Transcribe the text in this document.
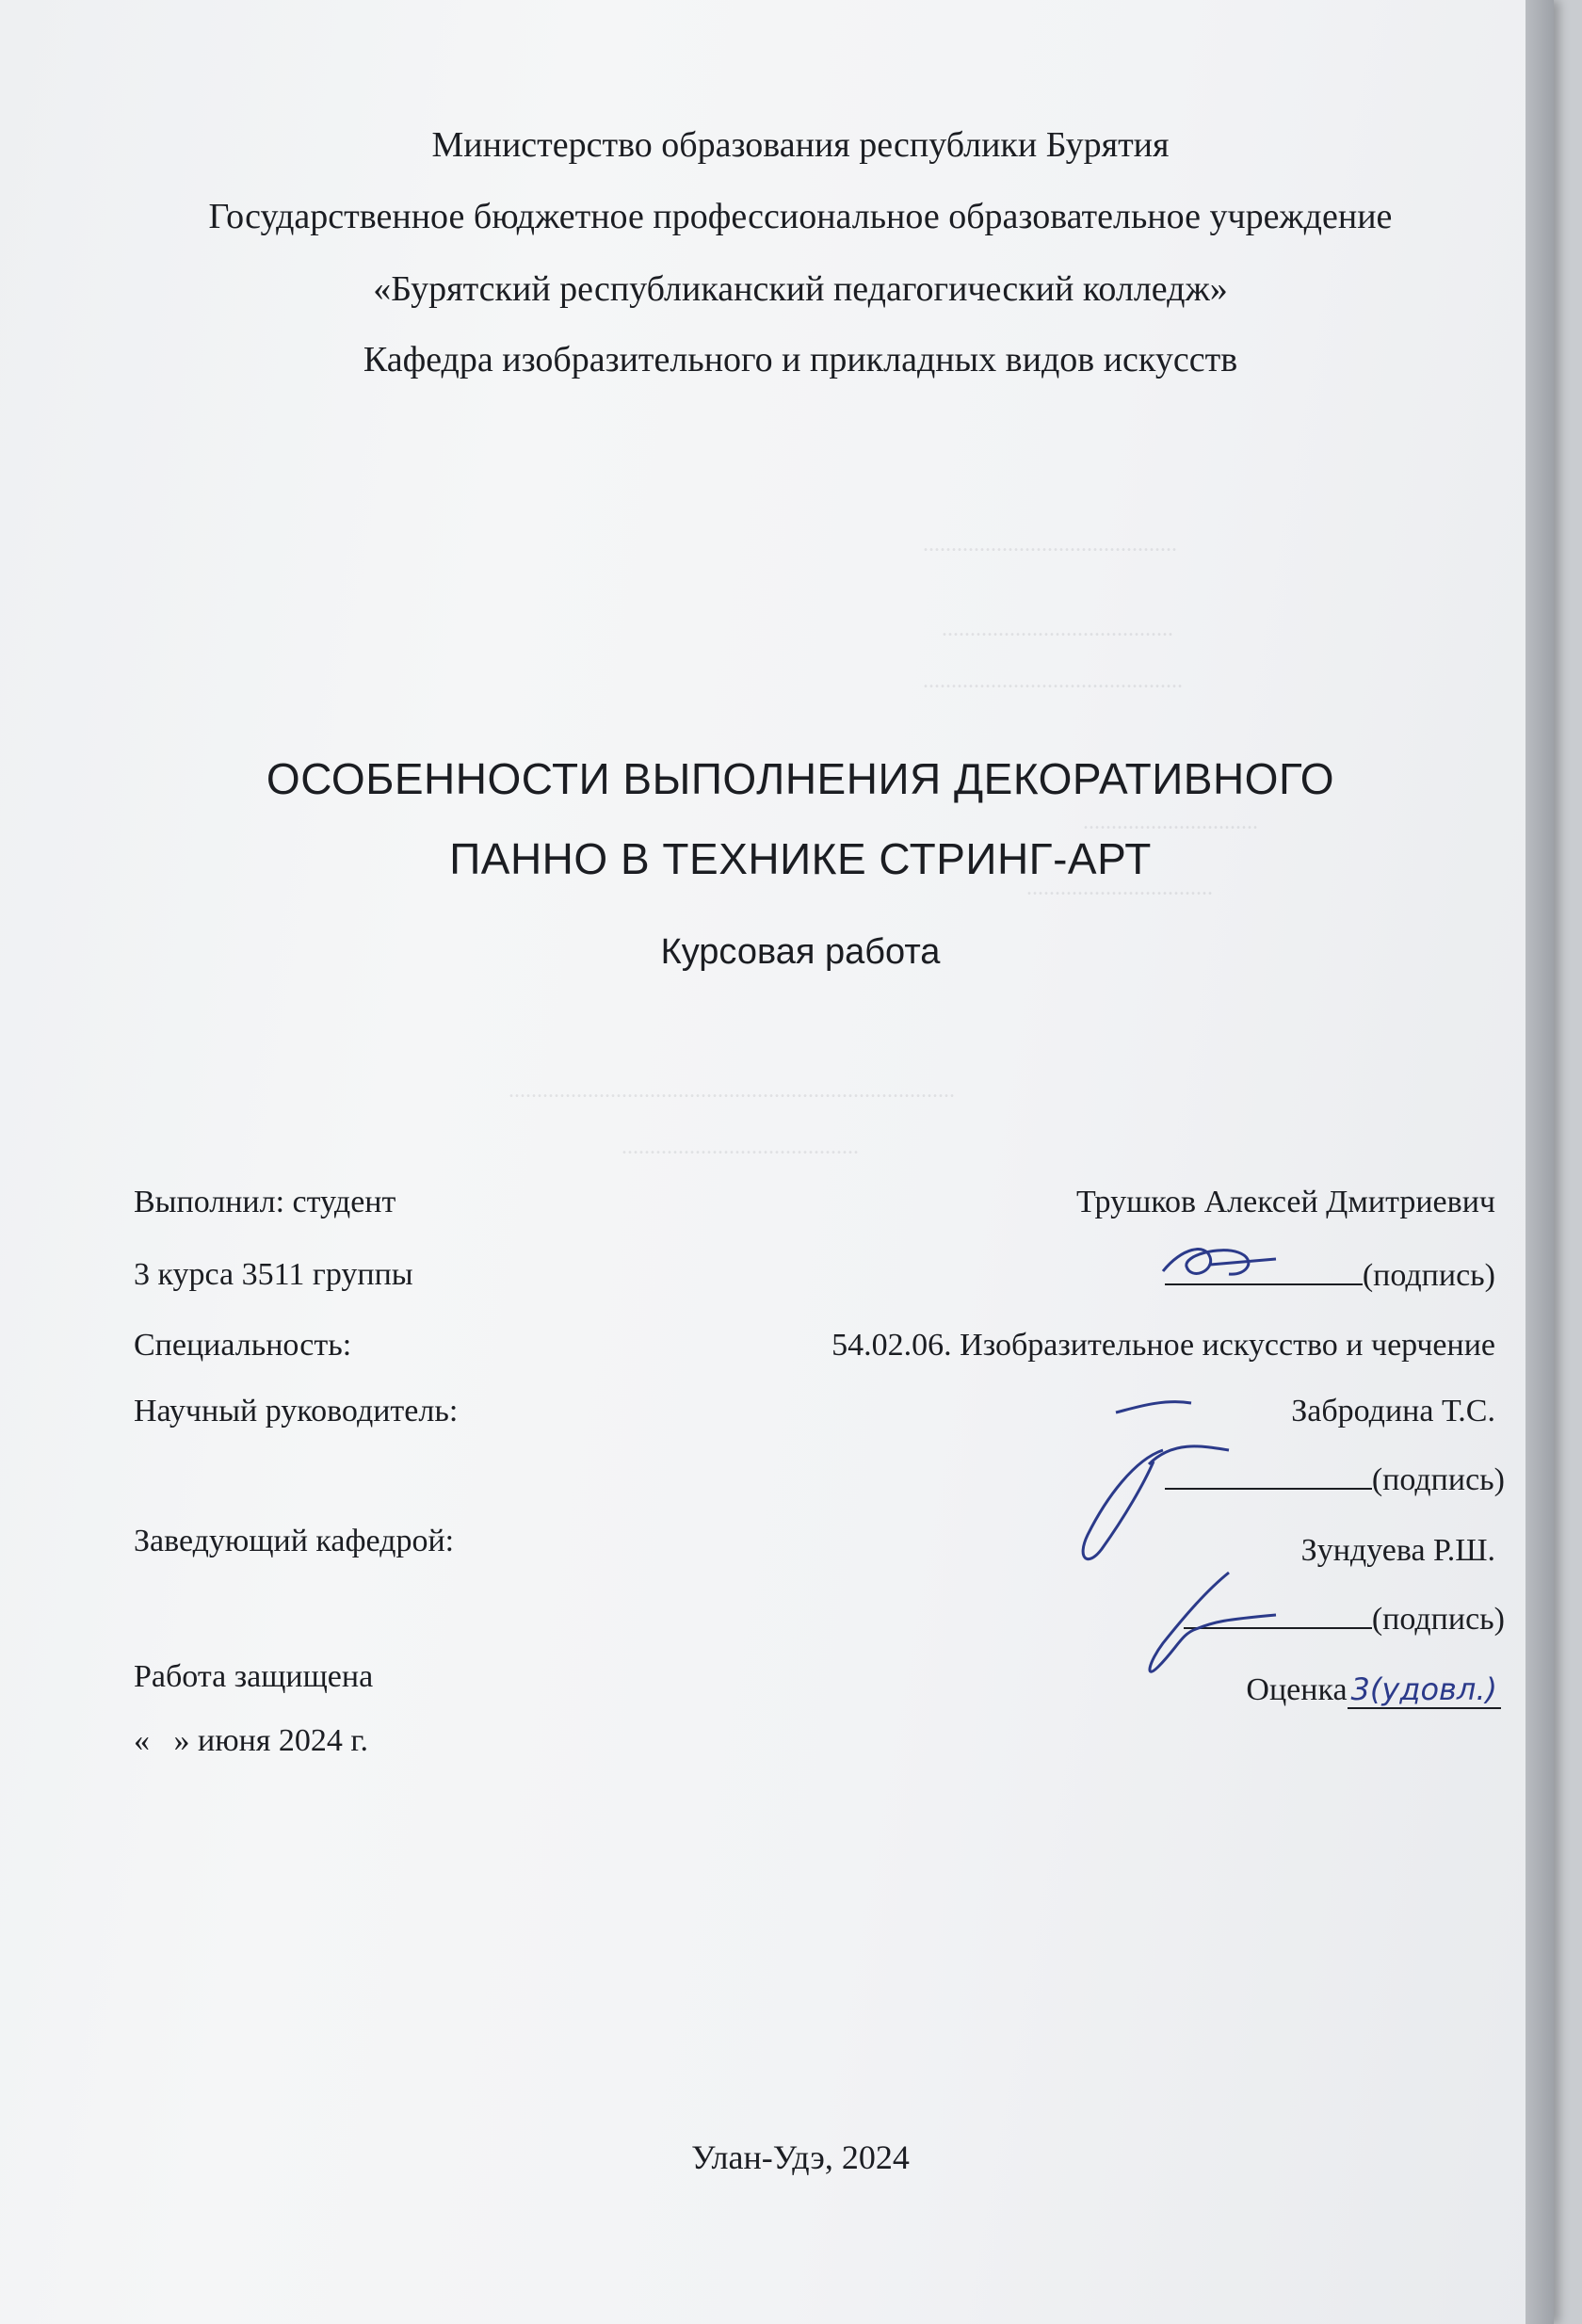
.............................................
.........................................
..............................................
...............................
.................................
...............................................................................
..........................................
Министерство образования республики Бурятия
Государственное бюджетное профессиональное образовательное учреждение
«Бурятский республиканский педагогический колледж»
Кафедра изобразительного и прикладных видов искусств
ОСОБЕННОСТИ ВЫПОЛНЕНИЯ ДЕКОРАТИВНОГО
ПАННО В ТЕХНИКЕ СТРИНГ-АРТ
Курсовая работа
Выполнил: студент
3 курса 3511 группы
Специальность:
Научный руководитель:
Заведующий кафедрой:
Работа защищена
«   » июня 2024 г.
Трушков Алексей Дмитриевич
(подпись)
54.02.06. Изобразительное искусство и черчение
Забродина Т.С.
(подпись)
Зундуева Р.Ш.
(подпись)
Оценка 3(удовл.)
Улан-Удэ, 2024
